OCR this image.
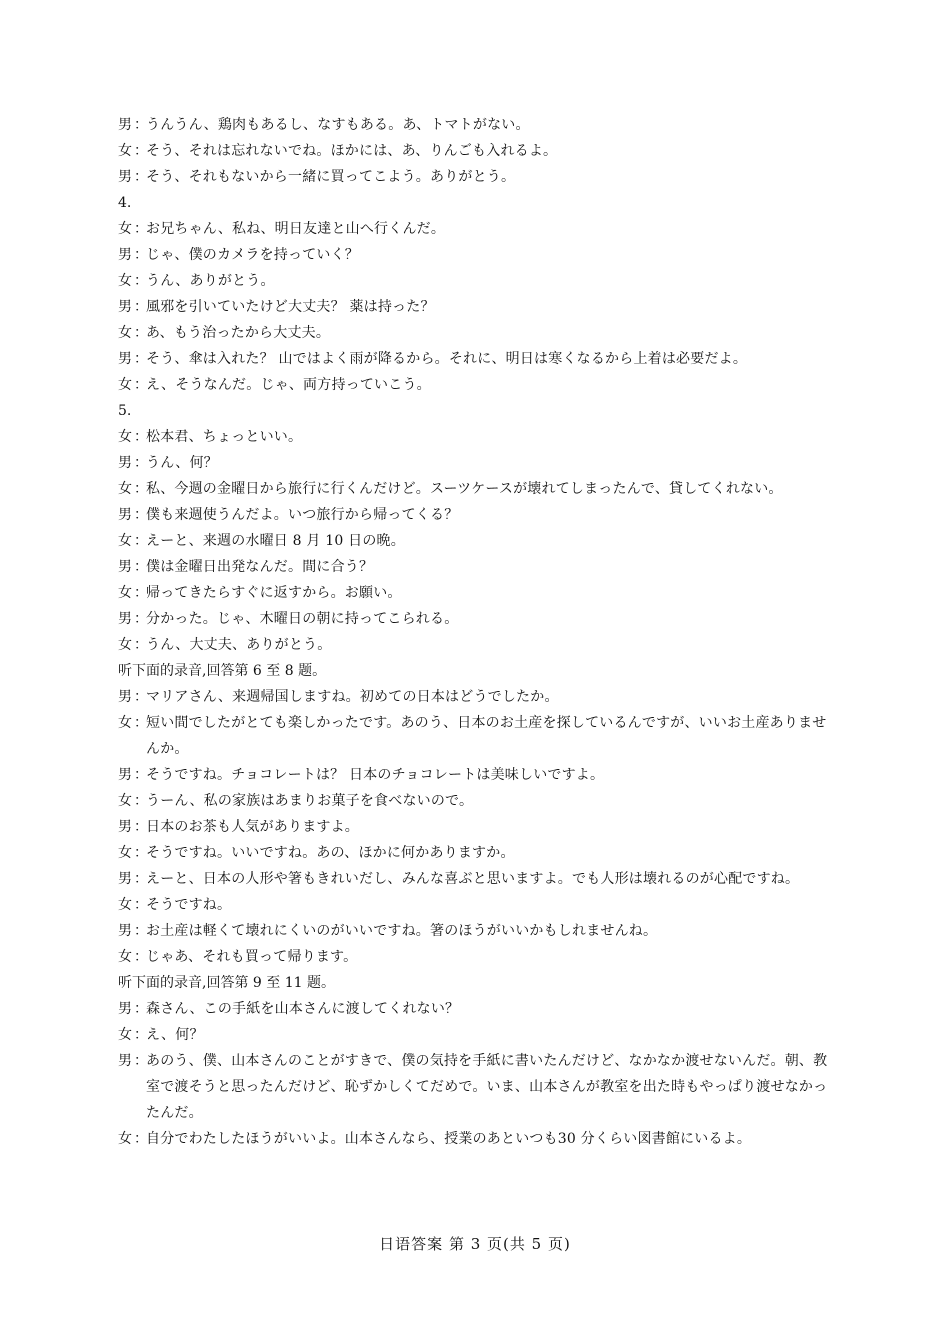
男 ：
うんうん、鶏肉もあるし、なすもある。あ、トマトがない。
女 ：
そう、それは忘れないでね。ほかには、あ、りんごも入れるよ。
男 ：
そう、それもないから一緒に買ってこよう。ありがとう。
4.
女 ：
お兄ちゃん、私ね、明日友達と山へ行くんだ。
男 ：
じゃ、僕のカメラを持っていく？
女 ：
うん、ありがとう。
男 ：
風邪を引いていたけど大丈夫？ 薬は持った？
女 ：
あ、もう治ったから大丈夫。
男 ：
そう、傘は入れた？ 山ではよく雨が降るから。それに、明日は寒くなるから上着は必要だよ。
女 ：
え、そうなんだ。じゃ、両方持っていこう。
5.
女 ：
松本君、ちょっといい。
男 ：
うん、何？
女 ：
私、今週の金曜日から旅行に行くんだけど。スーツケースが壊れてしまったんで、貸してくれない。
男 ：
僕も来週使うんだよ。いつ旅行から帰ってくる？
女 ：
えーと、来週の水曜日 8 月 10 日の晩。
男 ：
僕は金曜日出発なんだ。間に合う？
女 ：
帰ってきたらすぐに返すから。お願い。
男 ：
分かった。じゃ、木曜日の朝に持ってこられる。
女 ：
うん、大丈夫、ありがとう。
听下面的录音,回答第 6 至 8 题。
男 ：
マリアさん、来週帰国しますね。初めての日本はどうでしたか。
女 ：
短い間でしたがとても楽しかったです。あのう、日本のお土産を探しているんですが、いいお土産ありませんか。
男 ：
そうですね。チョコレートは？ 日本のチョコレートは美味しいですよ。
女 ：
うーん、私の家族はあまりお菓子を食べないので。
男 ：
日本のお茶も人気がありますよ。
女 ：
そうですね。いいですね。あの、ほかに何かありますか。
男 ：
えーと、日本の人形や箸もきれいだし、みんな喜ぶと思いますよ。でも人形は壊れるのが心配ですね。
女 ：
そうですね。
男 ：
お土産は軽くて壊れにくいのがいいですね。箸のほうがいいかもしれませんね。
女 ：
じゃあ、それも買って帰ります。
听下面的录音,回答第 9 至 11 题。
男 ：
森さん、この手紙を山本さんに渡してくれない？
女 ：
え、何？
男 ：
あのう、僕、山本さんのことがすきで、僕の気持を手紙に書いたんだけど、なかなか渡せないんだ。朝、教室で渡そうと思ったんだけど、恥ずかしくてだめで。いま、山本さんが教室を出た時もやっぱり渡せなかったんだ。
女 ：
自分でわたしたほうがいいよ。山本さんなら、授業のあといつも30 分くらい図書館にいるよ。
日语答案 第 3 页(共 5 页)
